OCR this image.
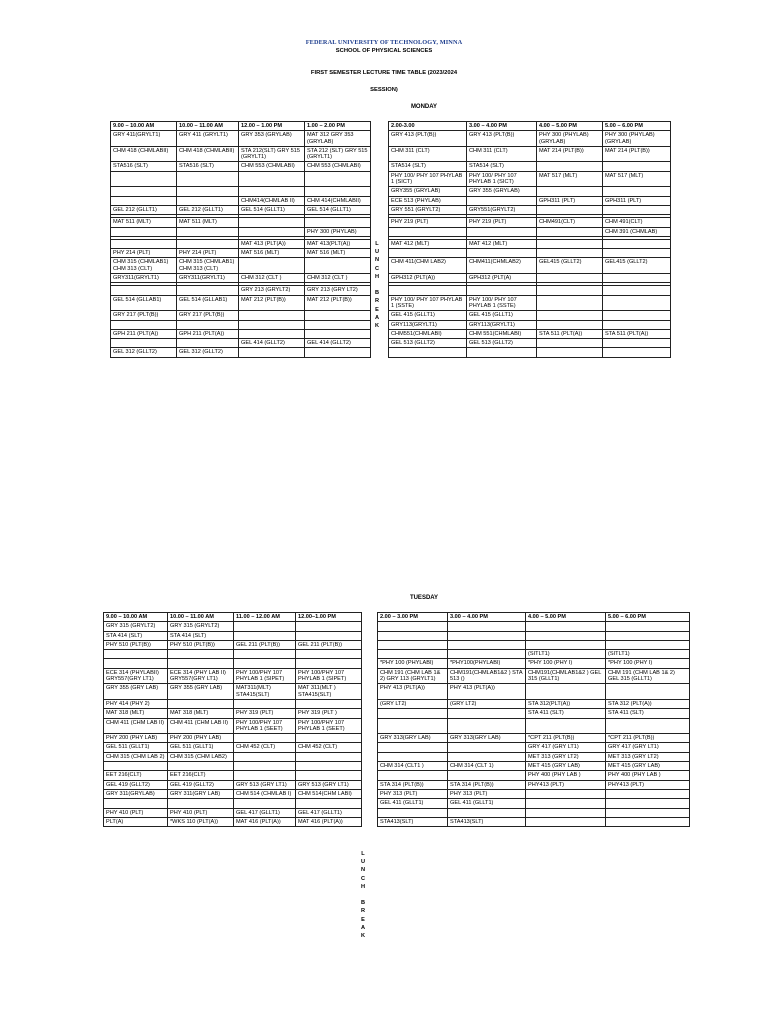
FEDERAL UNIVERSITY OF TECHNOLOGY, MINNA
SCHOOL OF PHYSICAL SCIENCES
FIRST SEMESTER LECTURE TIME TABLE (2023/2024
SESSION)
MONDAY
9.00 – 10.00 AM	10.00 – 11.00 AM	12.00 – 1.00 PM	1.00 – 2.00 PM		2.00-3.00	3.00 – 4.00 PM	4.00 – 5.00 PM	5.00 – 6.00 PM
GRY 411(GRYLT1)	GRY 411 (GRYLT1)	GRY 353 (GRYLAB)	MAT 312 GRY 353 (GRYLAB)		GRY 413 (PLT(B))	GRY 413 (PLT(B))	PHY 300 (PHYLAB) (GRYLAB)	PHY 300 (PHYLAB) (GRYLAB)
CHM 418 (CHMLABII)	CHM 418 (CHMLABII)	STA 212(SLT) GRY 515 (GRYLT1)	STA 212 (SLT) GRY 515 (GRYLT1)		CHM 311 (CLT)	CHM 311 (CLT)	MAT 214 (PLT(B))	MAT 214 (PLT(B))
STA516 (SLT)	STA516 (SLT)	CHM 553 (CHMLABI)	CHM 553 (CHMLABI)		STA514 (SLT)	STA514 (SLT)		
					PHY 100/ PHY 107 PHYLAB 1 (SICT)	PHY 100/ PHY 107 PHYLAB 1 (SICT)	MAT 517 (MLT)	MAT 517 (MLT)
					GRY355 (GRYLAB)	GRY 355 (GRYLAB)		
		CHM414(CHMLAB II)	CHM 414(CHMLABII)		ECE 513 (PHYLAB)		GPH311 (PLT)	GPH311 (PLT)
GEL 212 (GLLT1)	GEL 212 (GLLT1)	GEL 514 (GLLT1)	GEL 514 (GLLT1)		GRY 551 (GRYLT2)	GRY551(GRYLT2)		

MAT 511 (MLT)	MAT 511 (MLT)				PHY 219 (PLT)	PHY 219 (PLT)	CHM491(CLT)	CHM 491(CLT)
			PHY 300 (PHYLAB)					CHM 391 (CHMLAB)

		MAT 413 (PLT(A))	MAT 413(PLT(A))		MAT 412 (MLT)	MAT 412 (MLT)		
PHY 214 (PLT)	PHY 214 (PLT)	MAT 516 (MLT)	MAT 516 (MLT)					
CHM 315 (CHMLAB1) CHM 313 (CLT)	CHM 315 (CHMLAB1) CHM 313 (CLT)				CHM 411(CHM LAB2)	CHM411(CHMLAB2)	GEL415 (GLLT2)	GEL415 (GLLT2)
GRY311(GRYLT1)	GRY311(GRYLT1)	CHM 312 (CLT )	CHM 312 (CLT )		GPH312 (PLT(A))	GPH312 (PLT(A)		

		GRY 213 (GRYLT2)	GRY 213 (GRY LT2)					
GEL 514 (GLLAB1)	GEL 514 (GLLAB1)	MAT 212 (PLT(B))	MAT 212 (PLT(B))		PHY 100/ PHY 107 PHYLAB 1 (SSTE)	PHY 100/ PHY 107 PHYLAB 1 (SSTE)		
GRY 217 (PLT(B))	GRY 217 (PLT(B))				GEL 415 (GLLT1)	GEL 415 (GLLT1)		
					GRY113(GRYLT1)	GRY113(GRYLT1)		
GPH 211 (PLT(A))	GPH 211 (PLT(A))				CHM551(CHMLABI)	CHM 551(CHMLABI)	STA 511 (PLT(A))	STA 511 (PLT(A))
		GEL 414 (GLLT2)	GEL 414 (GLLT2)		GEL 513 (GLLT2)	GEL 513 (GLLT2)		
GEL 312 (GLLT2)	GEL 312 (GLLT2)							
L
U
N
C
H

B
R
E
A
K
TUESDAY
9.00 – 10.00 AM	10.00 – 11.00 AM	11.00 – 12.00 AM	12.00–1.00 PM		2.00 – 3.00 PM	3.00 – 4.00 PM	4.00 – 5.00 PM	5.00 – 6.00 PM
GRY 315 (GRYLT2)	GRY 315 (GRYLT2)							
STA 414 (SLT)	STA 414 (SLT)							
PHY 510 (PLT(B))	PHY 510 (PLT(B))	GEL 211 (PLT(B))	GEL 211 (PLT(B))					
							(SITLT1)	(SITLT1)
					*PHY 100 (PHYLABI)	*PHY100(PHYLABI)	*PHY 100 (PHY I)	*PHY 100 (PHY I)
ECE 314 (PHYLABII) GRY557(GRY LT1)	ECE 314 (PHY LAB II) GRY557(GRY LT1)	PHY 100/PHY 107 PHYLAB 1 (SIPET)	PHY 100/PHY 107 PHYLAB 1 (SIPET)		CHM 191 (CHM LAB 1& 2) GRY 113 (GRYLT1)	CHM191(CHMLAB1&2 ) STA 513 ()	CHM191(CHMLAB1&2 ) GEL 315 (GLLT1)	CHM 191 (CHM LAB 1& 2) GEL 315 (GLLT1)
GRY 355 (GRY LAB)	GRY 355 (GRY LAB)	MAT311(MLT) STA415(SLT)	MAT 311(MLT ) STA415(SLT)		PHY 413 (PLT(A))	PHY 413 (PLT(A))		
PHY 414 (PHY 2)					(GRY LT2)	(GRY LT2)	STA 312(PLT(A))	STA 312 (PLT(A))
MAT 318 (MLT)	MAT 318 (MLT)	PHY 319 (PLT)	PHY 319 (PLT )				STA 411 (SLT)	STA 411 (SLT)
CHM 411 (CHM LAB II)	CHM 411 (CHM LAB II)	PHY 100/PHY 107 PHYLAB 1 (SEET)	PHY 100/PHY 107 PHYLAB 1 (SEET)					
PHY 200 (PHY LAB)	PHY 200 (PHY LAB)				GRY 313(GRY LAB)	GRY 313(GRY LAB)	*CPT 211 (PLT(B))	*CPT 211 (PLT(B))
GEL 511 (GLLT1)	GEL 511 (GLLT1)	CHM 452 (CLT)	CHM 452 (CLT)				GRY 417 (GRY LT1)	GRY 417 (GRY LT1)
CHM 315 (CHM LAB 2)	CHM 315 (CHM LAB2)						MET 313 (GRY LT2)	MET 313 (GRY LT2)
					CHM 314 (CLT1 )	CHM 314 (CLT 1)	MET 415 (GRY LAB)	MET 415 (GRY LAB)
EET 216(CLT)	EET 216(CLT)						PHY 400 (PHY LAB )	PHY 400 (PHY LAB )
GEL 419 (GLLT2)	GEL 419 (GLLT2)	GRY 513 (GRY LT1)	GRY 513 (GRY LT1)		STA 314 (PLT(B))	STA 314 (PLT(B))	PHY413 (PLT)	PHY413 (PLT)
GRY 311(GRYLAB)	GRY 311(GRY LAB)	CHM 514 (CHMLAB I)	CHM 514(CHM LABI)		PHY 313 (PLT)	PHY 313 (PLT)		
					GEL 411 (GLLT1)	GEL 411 (GLLT1)		
PHY 410 (PLT)	PHY 410 (PLT)	GEL 417 (GLLT1)	GEL 417 (GLLT1)					
PLT(A)	*WKS 110 (PLT(A))	MAT 416 (PLT(A))	MAT 416 (PLT(A))		STA413(SLT)	STA413(SLT)		
L
U
N
C
H

B
R
E
A
K
